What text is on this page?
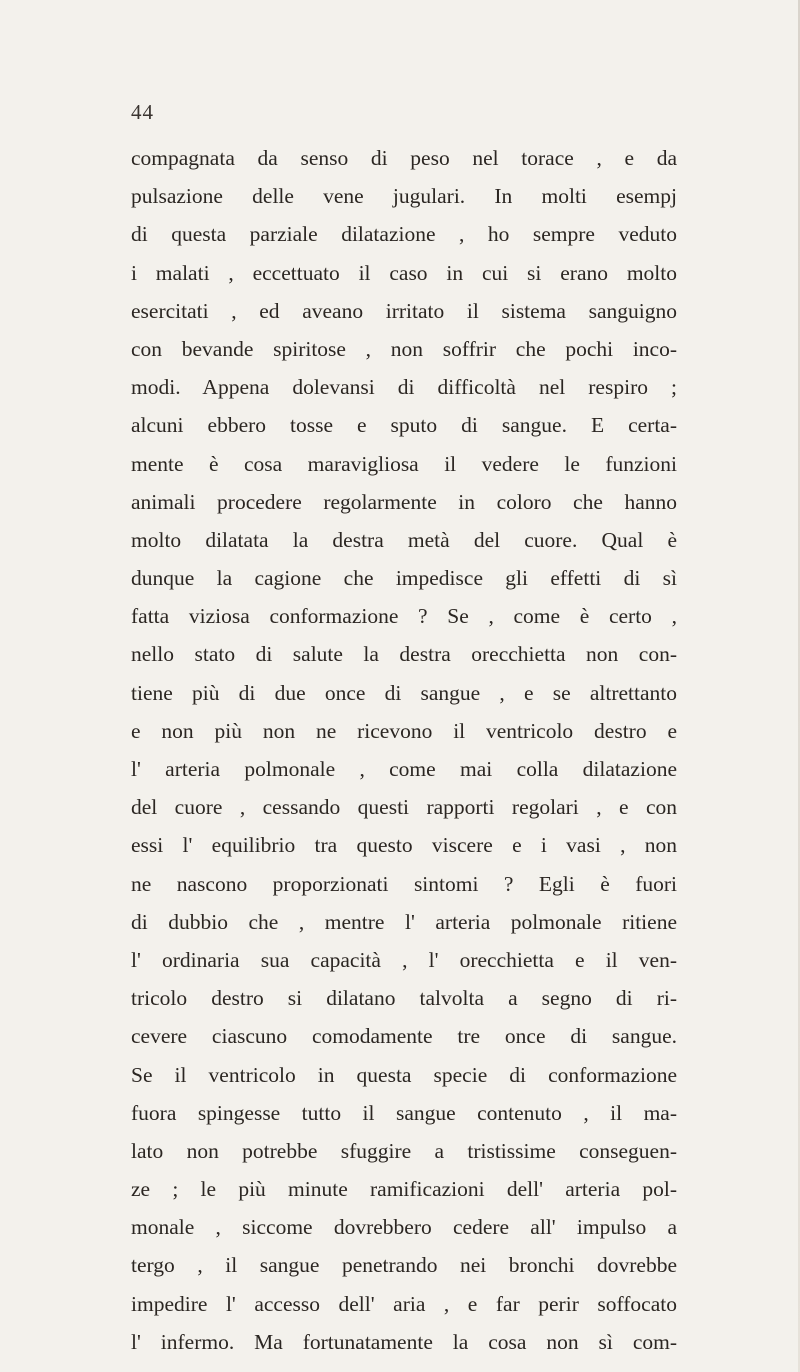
44
compagnata da senso di peso nel torace , e da
pulsazione delle vene jugulari. In molti esempj
di questa parziale dilatazione , ho sempre veduto
i malati , eccettuato il caso in cui si erano molto
esercitati , ed aveano irritato il sistema sanguigno
con bevande spiritose , non soffrir che pochi inco-
modi. Appena dolevansi di difficoltà nel respiro ;
alcuni ebbero tosse e sputo di sangue. E certa-
mente è cosa maravigliosa il vedere le funzioni
animali procedere regolarmente in coloro che hanno
molto dilatata la destra metà del cuore. Qual è
dunque la cagione che impedisce gli effetti di sì
fatta viziosa conformazione ? Se , come è certo ,
nello stato di salute la destra orecchietta non con-
tiene più di due once di sangue , e se altrettanto
e non più non ne ricevono il ventricolo destro e
l' arteria polmonale , come mai colla dilatazione
del cuore , cessando questi rapporti regolari , e con
essi l' equilibrio tra questo viscere e i vasi , non
ne nascono proporzionati sintomi ? Egli è fuori
di dubbio che , mentre l' arteria polmonale ritiene
l' ordinaria sua capacità , l' orecchietta e il ven-
tricolo destro si dilatano talvolta a segno di ri-
cevere ciascuno comodamente tre once di sangue.
Se il ventricolo in questa specie di conformazione
fuora spingesse tutto il sangue contenuto , il ma-
lato non potrebbe sfuggire a tristissime conseguen-
ze ; le più minute ramificazioni dell' arteria pol-
monale , siccome dovrebbero cedere all' impulso a
tergo , il sangue penetrando nei bronchi dovrebbe
impedire l' accesso dell' aria , e far perir soffocato
l' infermo. Ma fortunatamente la cosa non sì com-
